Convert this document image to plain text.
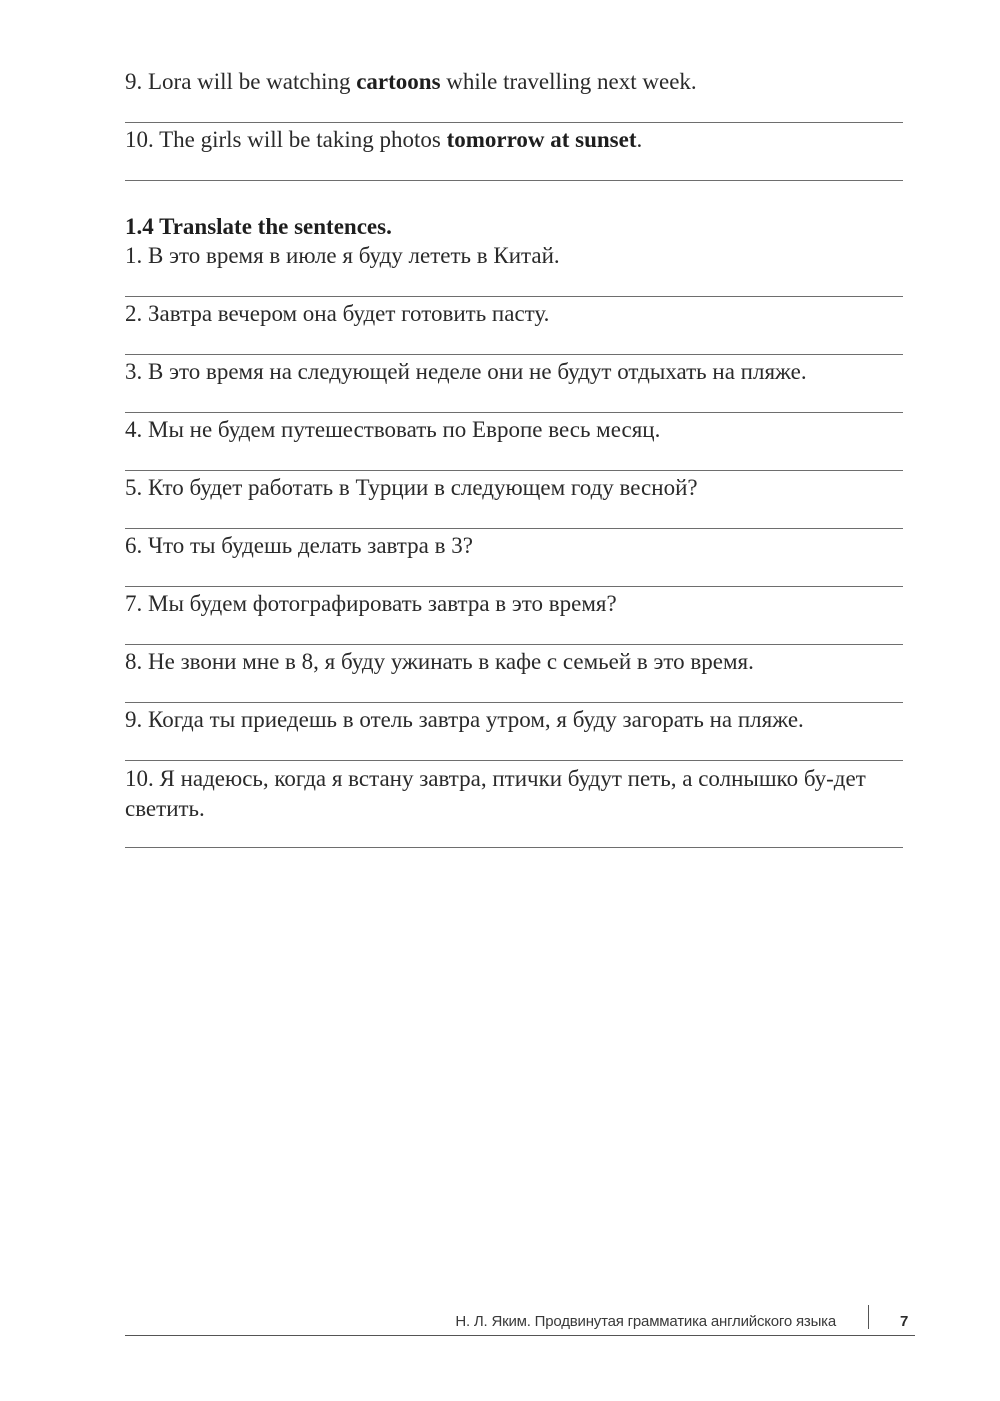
9. Lora will be watching cartoons while travelling next week.
10. The girls will be taking photos tomorrow at sunset.
1.4 Translate the sentences.
1. В это время в июле я буду лететь в Китай.
2. Завтра вечером она будет готовить пасту.
3. В это время на следующей неделе они не будут отдыхать на пляже.
4. Мы не будем путешествовать по Европе весь месяц.
5. Кто будет работать в Турции в следующем году весной?
6. Что ты будешь делать завтра в 3?
7. Мы будем фотографировать завтра в это время?
8. Не звони мне в 8, я буду ужинать в кафе с семьей в это время.
9. Когда ты приедешь в отель завтра утром, я буду загорать на пляже.
10. Я надеюсь, когда я встану завтра, птички будут петь, а солнышко бу-дет светить.
Н. Л. Яким. Продвинутая грамматика английского языка	7
